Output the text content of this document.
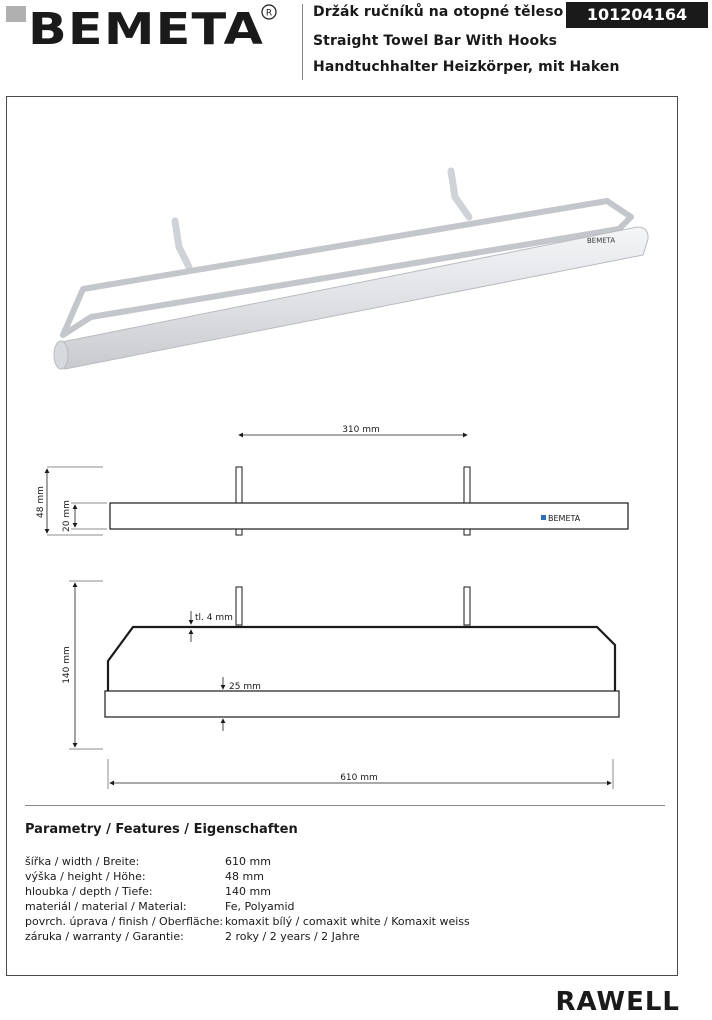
BEMETA R	Držák ručníků na otopné těleso
Straight Towel Bar With Hooks
Handtuchhalter Heizkörper, mit Haken
101204164
BEMETA
310 mm
BEMETA
48 mm 20 mm
tl. 4 mm
25 mm
140 mm
610 mm
Parametry / Features / Eigenschaften
šířka / width / Breite:	610 mm
výška / height / Höhe:	48 mm
hloubka / depth / Tiefe:	140 mm
materiál / material / Material:	Fe, Polyamid
povrch. úprava / finish / Oberfläche: komaxit bílý / comaxit white / Komaxit weiss
záruka / warranty / Garantie:	2 roky / 2 years / 2 Jahre
RAWELL
